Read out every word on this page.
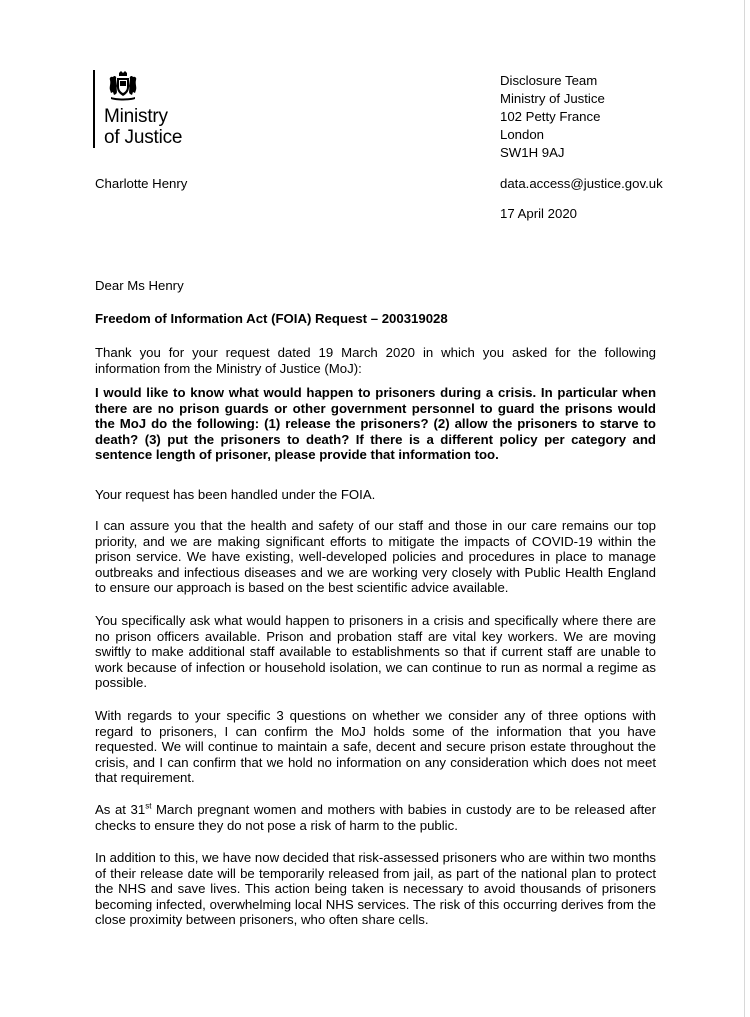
Ministry
of Justice
Disclosure Team
Ministry of Justice
102 Petty France
London
SW1H 9AJ
Charlotte Henry	data.access@justice.gov.uk
17 April 2020
Dear Ms Henry
Freedom of Information Act (FOIA) Request – 200319028
Thank you for your request dated 19 March 2020 in which you asked for the following information from the Ministry of Justice (MoJ):
I would like to know what would happen to prisoners during a crisis. In particular when there are no prison guards or other government personnel to guard the prisons would the MoJ do the following: (1) release the prisoners? (2) allow the prisoners to starve to death? (3) put the prisoners to death? If there is a different policy per category and sentence length of prisoner, please provide that information too.
Your request has been handled under the FOIA.
I can assure you that the health and safety of our staff and those in our care remains our top priority, and we are making significant efforts to mitigate the impacts of COVID-19 within the prison service. We have existing, well-developed policies and procedures in place to manage outbreaks and infectious diseases and we are working very closely with Public Health England to ensure our approach is based on the best scientific advice available.
You specifically ask what would happen to prisoners in a crisis and specifically where there are no prison officers available. Prison and probation staff are vital key workers. We are moving swiftly to make additional staff available to establishments so that if current staff are unable to work because of infection or household isolation, we can continue to run as normal a regime as possible.
With regards to your specific 3 questions on whether we consider any of three options with regard to prisoners, I can confirm the MoJ holds some of the information that you have requested. We will continue to maintain a safe, decent and secure prison estate throughout the crisis, and I can confirm that we hold no information on any consideration which does not meet that requirement.
As at 31st March pregnant women and mothers with babies in custody are to be released after checks to ensure they do not pose a risk of harm to the public.
In addition to this, we have now decided that risk-assessed prisoners who are within two months of their release date will be temporarily released from jail, as part of the national plan to protect the NHS and save lives. This action being taken is necessary to avoid thousands of prisoners becoming infected, overwhelming local NHS services. The risk of this occurring derives from the close proximity between prisoners, who often share cells.
